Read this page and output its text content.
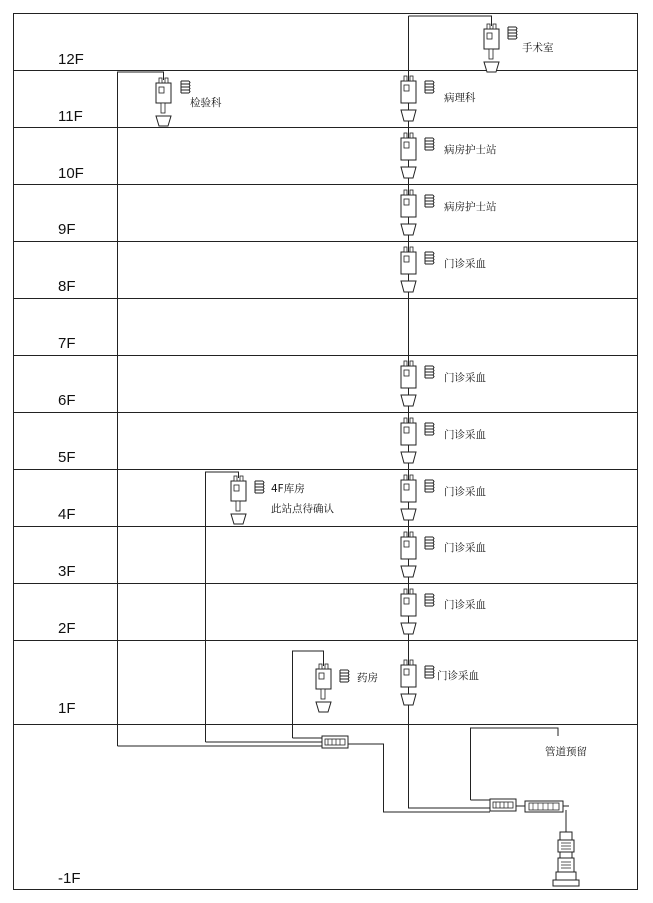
12F
11F
10F
9F
8F
7F
6F
5F
4F
3F
2F
1F
-1F
手术室
检验科	病理科
病房护士站
病房护士站
门诊采血
门诊采血
门诊采血
4F库房
此站点待确认
门诊采血
门诊采血
门诊采血
药房	门诊采血
管道预留
